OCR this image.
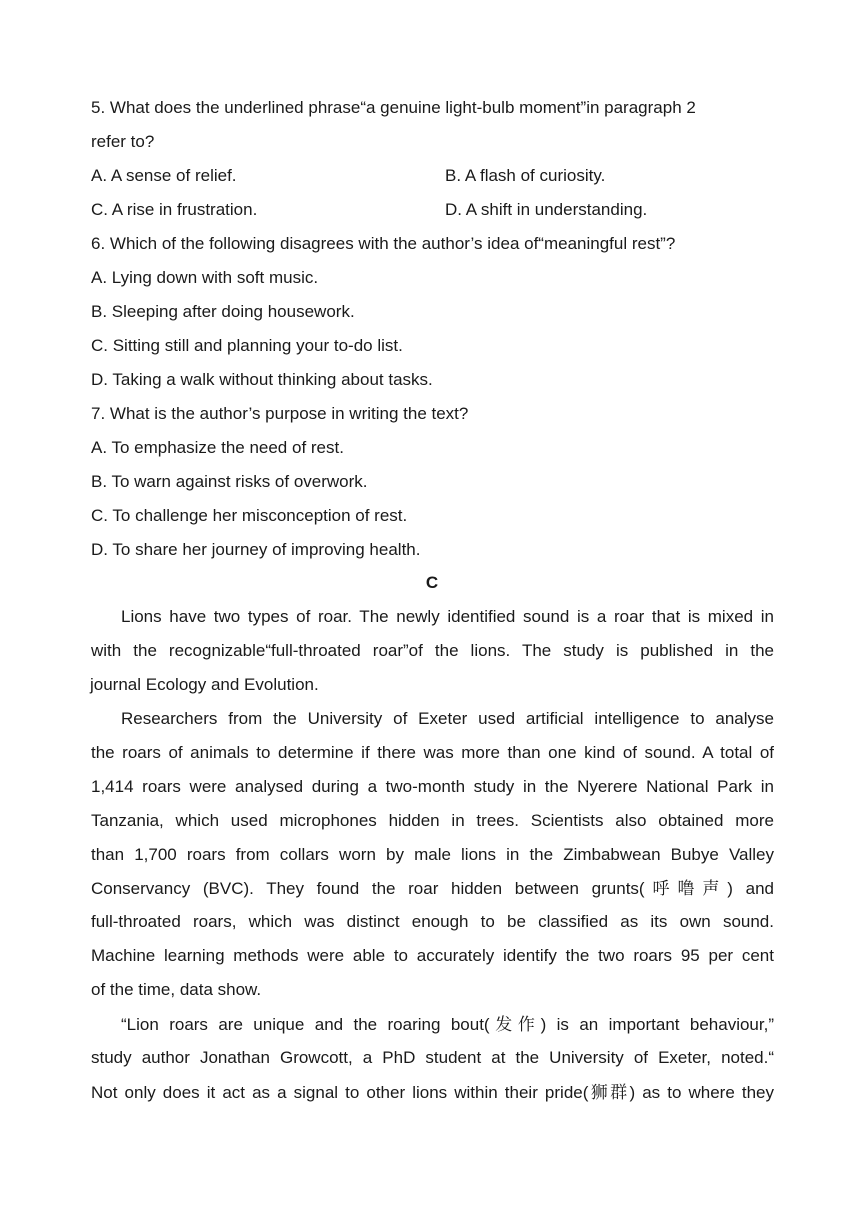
5. What does the underlined phrase“a genuine light-bulb moment”in paragraph 2
refer to?
A. A sense of relief.	B. A flash of curiosity.
C. A rise in frustration.	D. A shift in understanding.
6. Which of the following disagrees with the author’s idea of“meaningful rest”?
A. Lying down with soft music.
B. Sleeping after doing housework.
C. Sitting still and planning your to-do list.
D. Taking a walk without thinking about tasks.
7. What is the author’s purpose in writing the text?
A. To emphasize the need of rest.
B. To warn against risks of overwork.
C. To challenge her misconception of rest.
D. To share her journey of improving health.
C
Lions have two types of roar. The newly identified sound is a roar that is mixed in
with the recognizable“full-throated roar”of the lions. The study is published in the
journal Ecology and Evolution.
Researchers from the University of Exeter used artificial intelligence to analyse
the roars of animals to determine if there was more than one kind of sound. A total of
1,414 roars were analysed during a two-month study in the Nyerere National Park in
Tanzania, which used microphones hidden in trees. Scientists also obtained more
than 1,700 roars from collars worn by male lions in the Zimbabwean Bubye Valley
Conservancy (BVC). They found the roar hidden between grunts(呼噜声) and
full-throated roars, which was distinct enough to be classified as its own sound.
Machine learning methods were able to accurately identify the two roars 95 per cent
of the time, data show.
“Lion roars are unique and the roaring bout(发作) is an important behaviour,”
study author Jonathan Growcott, a PhD student at the University of Exeter, noted.“
Not only does it act as a signal to other lions within their pride(狮群) as to where they
